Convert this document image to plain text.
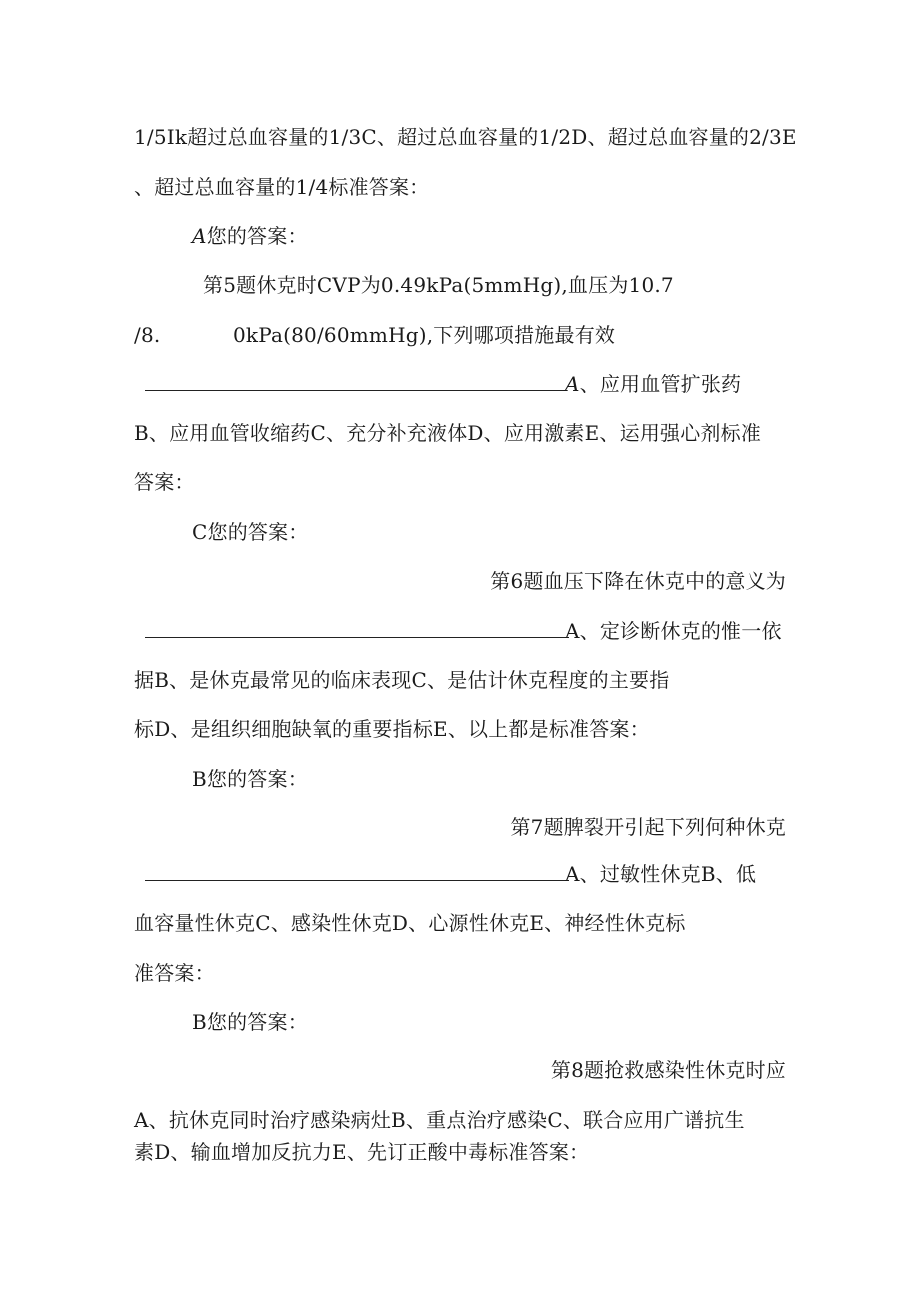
1/5Ik超过总血容量的1/3C、超过总血容量的1/2D、超过总血容量的2/3E
、超过总血容量的1/4标准答案：
A您的答案：
第5题休克时CVP为0.49kPa(5mmHg),血压为10.7
/8.	0kPa(80/60mmHg),下列哪项措施最有效
A、应用血管扩张药
B、应用血管收缩药C、充分补充液体D、应用激素E、运用强心剂标准
答案：
C您的答案：
第6题血压下降在休克中的意义为
A、定诊断休克的惟一依
据B、是休克最常见的临床表现C、是估计休克程度的主要指
标D、是组织细胞缺氧的重要指标E、以上都是标准答案：
B您的答案：
第7题脾裂开引起下列何种休克
A、过敏性休克B、低
血容量性休克C、感染性休克D、心源性休克E、神经性休克标
准答案：
B您的答案：
第8题抢救感染性休克时应
A、抗休克同时治疗感染病灶B、重点治疗感染C、联合应用广谱抗生
素D、输血增加反抗力E、先订正酸中毒标准答案：
